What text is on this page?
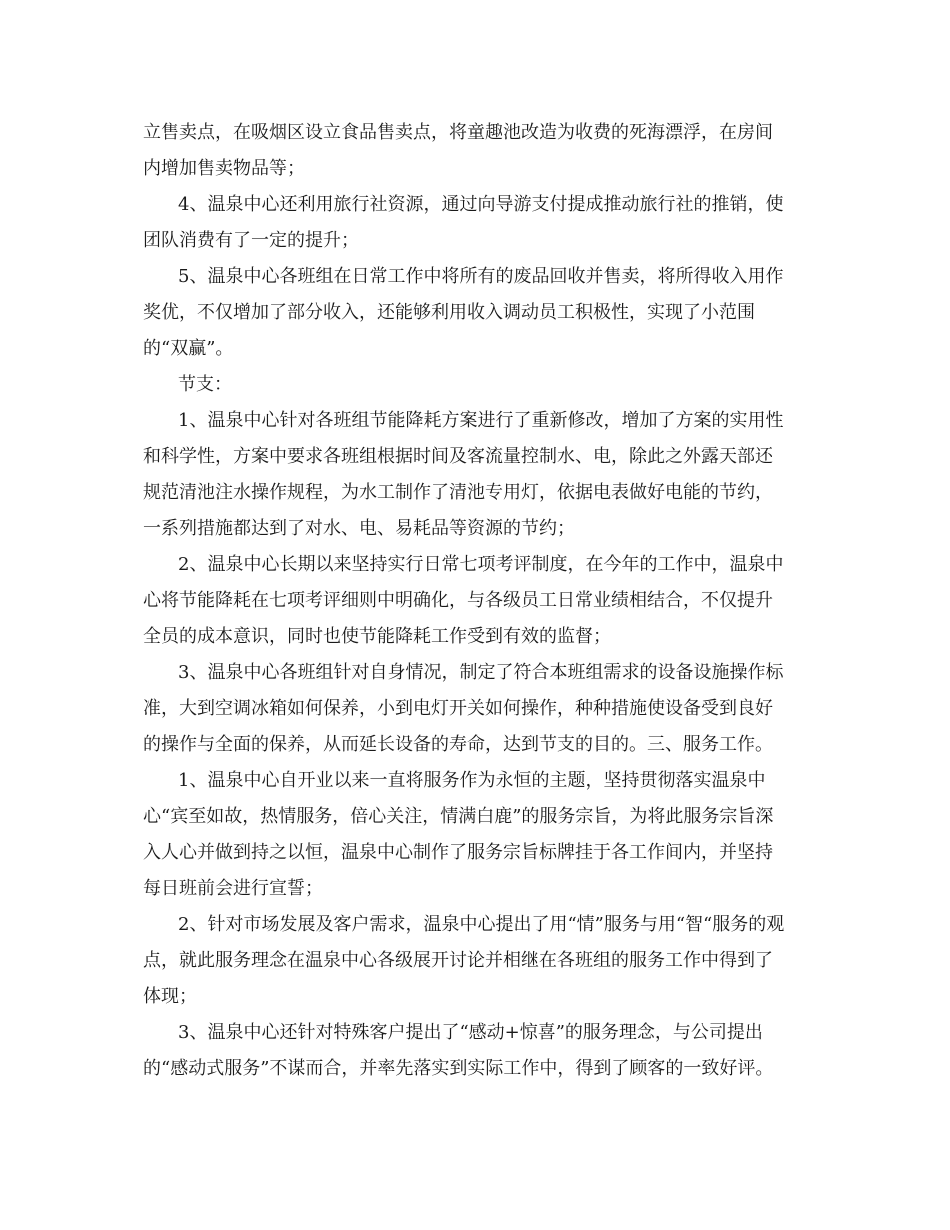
立售卖点，在吸烟区设立食品售卖点，将童趣池改造为收费的死海漂浮，在房间

内增加售卖物品等；

4、温泉中心还利用旅行社资源，通过向导游支付提成推动旅行社的推销，使

团队消费有了一定的提升；

5、温泉中心各班组在日常工作中将所有的废品回收并售卖，将所得收入用作

奖优，不仅增加了部分收入，还能够利用收入调动员工积极性，实现了小范围

的“双赢”。

节支：

1、温泉中心针对各班组节能降耗方案进行了重新修改，增加了方案的实用性

和科学性，方案中要求各班组根据时间及客流量控制水、电，除此之外露天部还

规范清池注水操作规程，为水工制作了清池专用灯，依据电表做好电能的节约，

一系列措施都达到了对水、电、易耗品等资源的节约；

2、温泉中心长期以来坚持实行日常七项考评制度，在今年的工作中，温泉中

心将节能降耗在七项考评细则中明确化，与各级员工日常业绩相结合，不仅提升

全员的成本意识，同时也使节能降耗工作受到有效的监督；

3、温泉中心各班组针对自身情况，制定了符合本班组需求的设备设施操作标

准，大到空调冰箱如何保养，小到电灯开关如何操作，种种措施使设备受到良好

的操作与全面的保养，从而延长设备的寿命，达到节支的目的。三、服务工作。

1、温泉中心自开业以来一直将服务作为永恒的主题，坚持贯彻落实温泉中

心“宾至如故，热情服务，倍心关注，情满白鹿”的服务宗旨，为将此服务宗旨深

入人心并做到持之以恒，温泉中心制作了服务宗旨标牌挂于各工作间内，并坚持

每日班前会进行宣誓；

2、针对市场发展及客户需求，温泉中心提出了用“情”服务与用“智“服务的观

点，就此服务理念在温泉中心各级展开讨论并相继在各班组的服务工作中得到了

体现；

3、温泉中心还针对特殊客户提出了“感动+惊喜”的服务理念，与公司提出

的“感动式服务”不谋而合，并率先落实到实际工作中，得到了顾客的一致好评。
